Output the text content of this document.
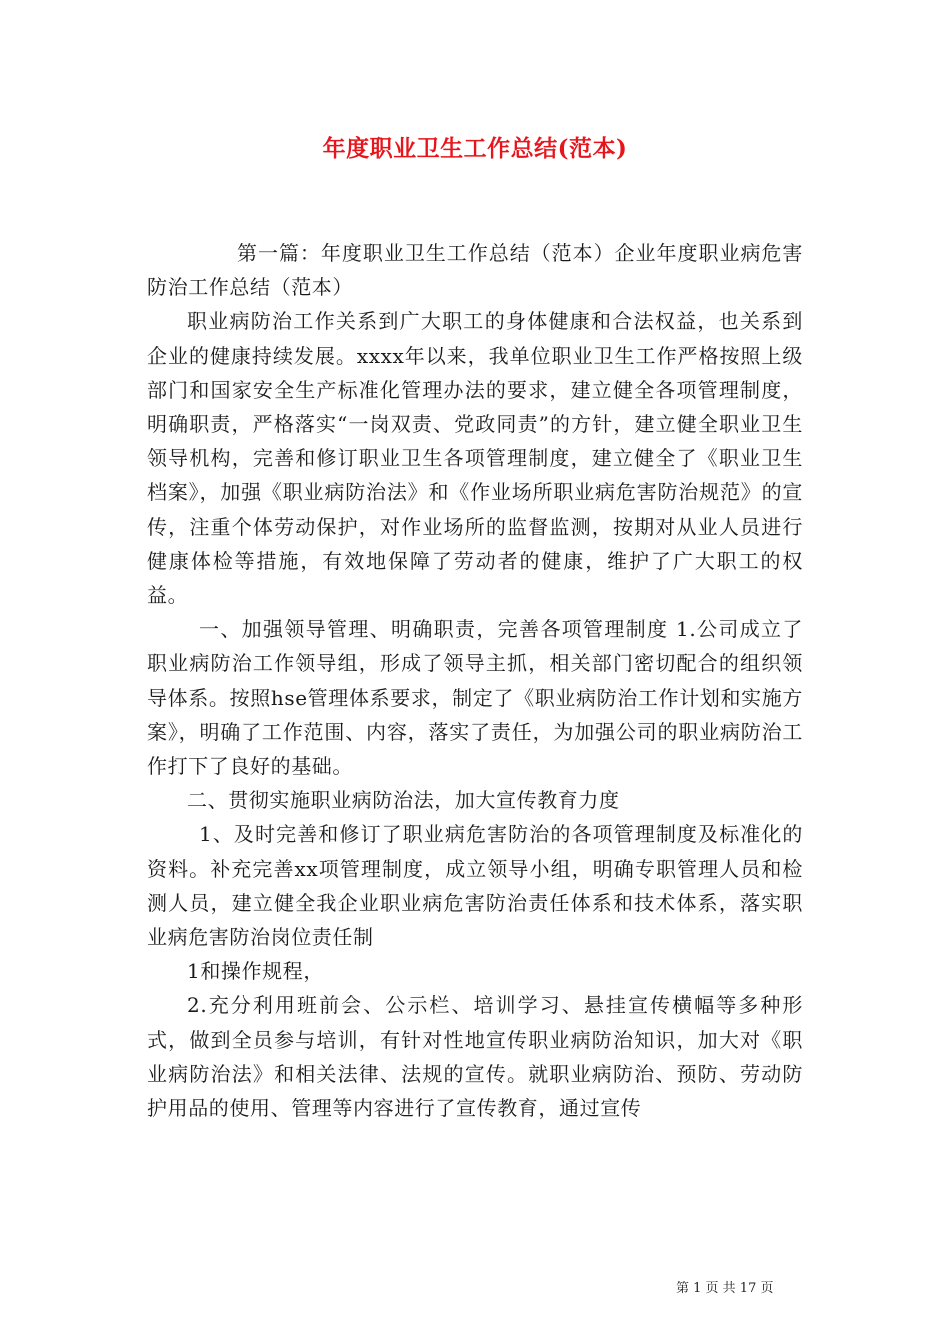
年度职业卫生工作总结(范本)

第一篇：年度职业卫生工作总结（范本）企业年度职业病危害防治工作总结（范本）

职业病防治工作关系到广大职工的身体健康和合法权益，也关系到企业的健康持续发展。xxxx年以来，我单位职业卫生工作严格按照上级部门和国家安全生产标准化管理办法的要求，建立健全各项管理制度，明确职责，严格落实“一岗双责、党政同责”的方针，建立健全职业卫生领导机构，完善和修订职业卫生各项管理制度，建立健全了《职业卫生档案》，加强《职业病防治法》和《作业场所职业病危害防治规范》的宣传，注重个体劳动保护，对作业场所的监督监测，按期对从业人员进行健康体检等措施，有效地保障了劳动者的健康，维护了广大职工的权益。

一、加强领导管理、明确职责，完善各项管理制度 1.公司成立了职业病防治工作领导组，形成了领导主抓，相关部门密切配合的组织领导体系。按照hse管理体系要求，制定了《职业病防治工作计划和实施方案》，明确了工作范围、内容，落实了责任，为加强公司的职业病防治工作打下了良好的基础。

二、贯彻实施职业病防治法，加大宣传教育力度

1、及时完善和修订了职业病危害防治的各项管理制度及标准化的资料。补充完善xx项管理制度，成立领导小组，明确专职管理人员和检测人员，建立健全我企业职业病危害防治责任体系和技术体系，落实职业病危害防治岗位责任制

1和操作规程，

2.充分利用班前会、公示栏、培训学习、悬挂宣传横幅等多种形式，做到全员参与培训，有针对性地宣传职业病防治知识，加大对《职业病防治法》和相关法律、法规的宣传。就职业病防治、预防、劳动防护用品的使用、管理等内容进行了宣传教育，通过宣传

第 1 页 共 17 页
